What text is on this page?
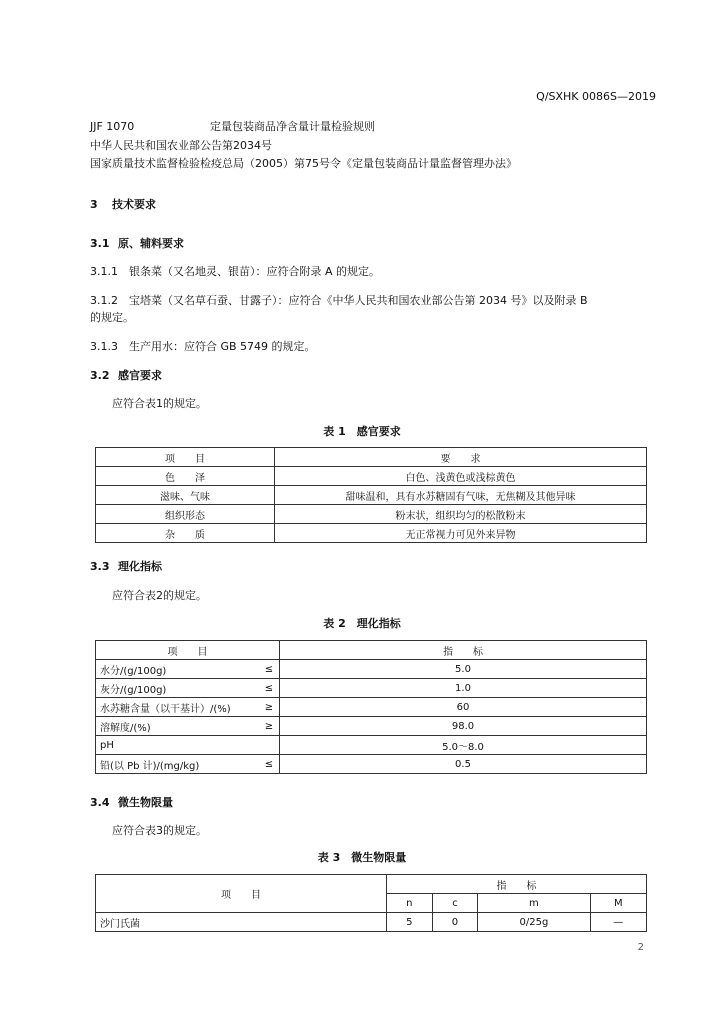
Q/SXHK 0086S—2019
JJF 1070	定量包装商品净含量计量检验规则
中华人民共和国农业部公告第2034号
国家质量技术监督检验检疫总局（2005）第75号令《定量包装商品计量监督管理办法》
3 技术要求
3.1 原、辅料要求
3.1.1　银条菜（又名地灵、银苗）：应符合附录 A 的规定。
3.1.2　宝塔菜（又名草石蚕、甘露子）：应符合《中华人民共和国农业部公告第 2034 号》以及附录 B
的规定。
3.1.3　生产用水：应符合 GB 5749 的规定。
3.2 感官要求
应符合表1的规定。
表 1　感官要求
项　　目	要　　求
色　　泽	白色、浅黄色或浅棕黄色
滋味、气味	甜味温和，具有水苏糖固有气味，无焦糊及其他异味
组织形态	粉末状，组织均匀的松散粉末
杂　　质	无正常视力可见外来异物
3.3 理化指标
应符合表2的规定。
表 2　理化指标
项　　目		指　　标
水分/(g/100g)	≤	5.0
灰分/(g/100g)	≤	1.0
水苏糖含量（以干基计）/(%)	≥	60
溶解度/(%)	≥	98.0
pH		5.0～8.0
铅(以 Pb 计)/(mg/kg)	≤	0.5
3.4 微生物限量
应符合表3的规定。
表 3　微生物限量
项　　目	指　　标			
	n	c	m	M
沙门氏菌	5	0	0/25g	—
2
